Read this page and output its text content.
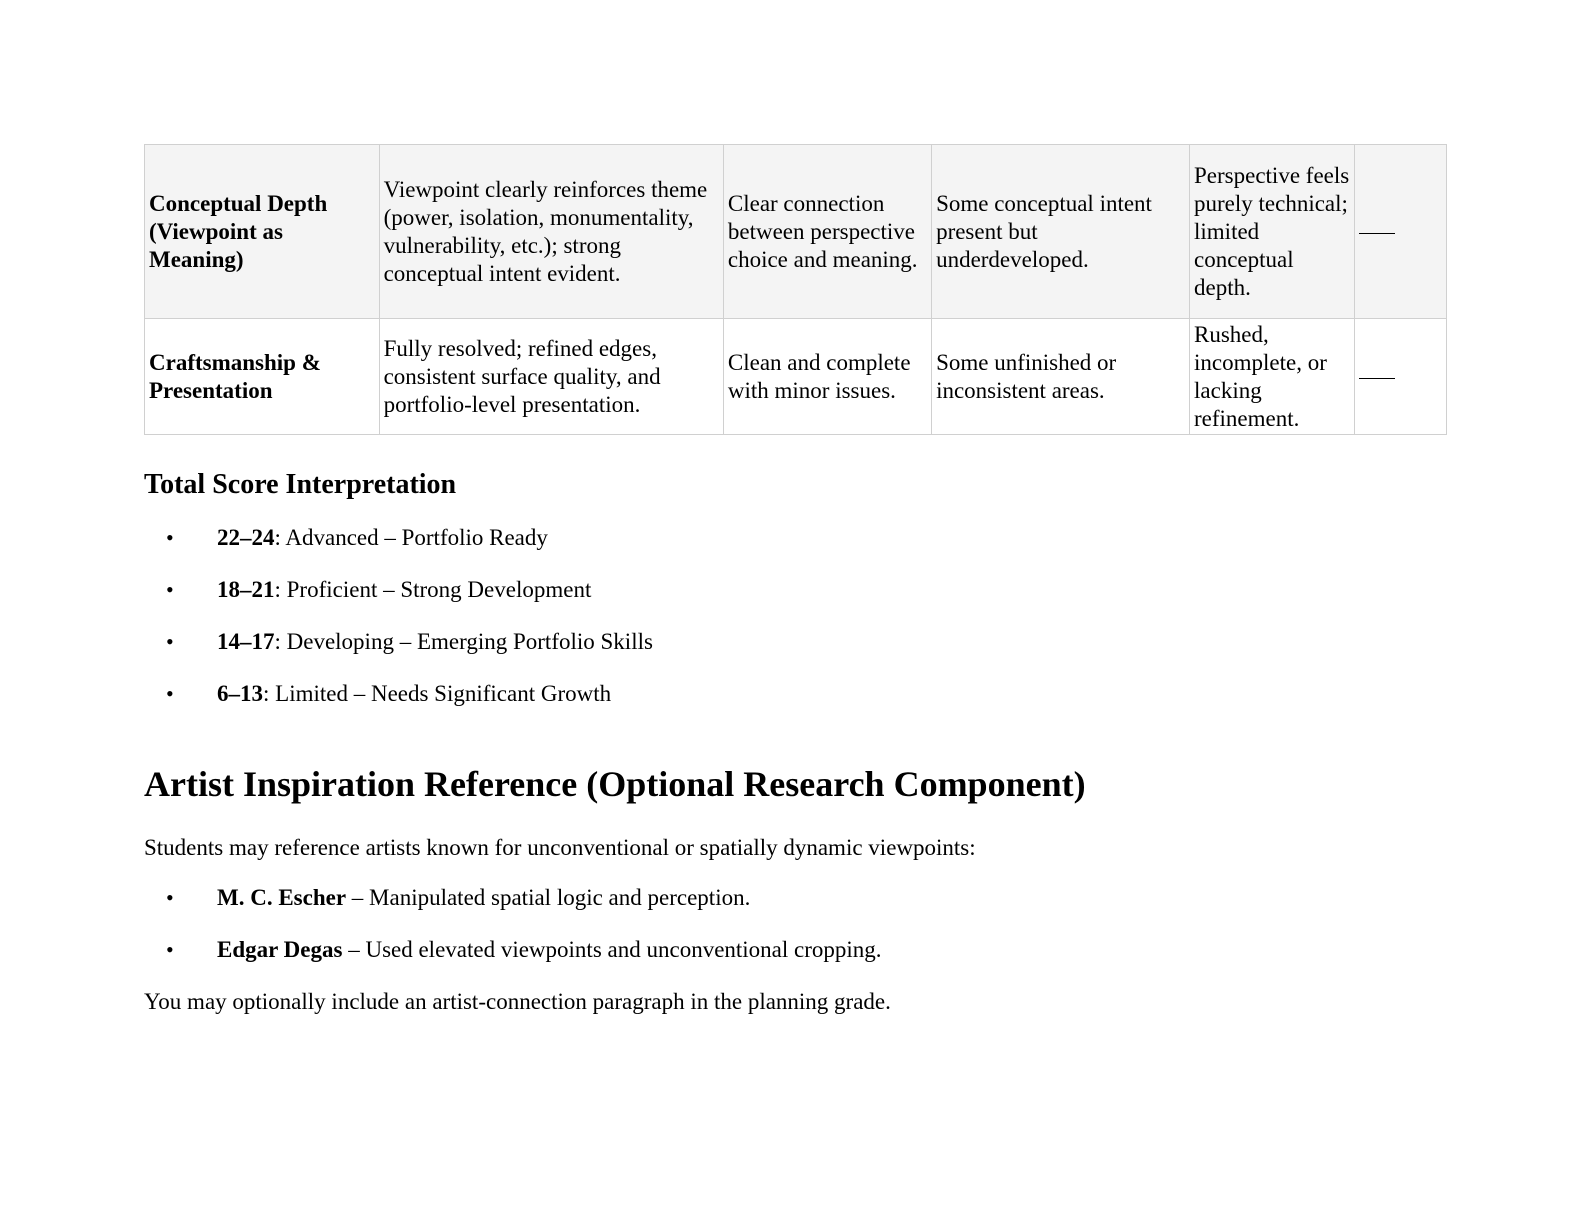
Conceptual Depth (Viewpoint as Meaning)	Viewpoint clearly reinforces theme (power, isolation, monumentality, vulnerability, etc.); strong conceptual intent evident.	Clear connection between perspective choice and meaning.	Some conceptual intent present but underdeveloped.	Perspective feels purely technical; limited conceptual depth.	
Craftsmanship & Presentation	Fully resolved; refined edges, consistent surface quality, and portfolio-level presentation.	Clean and complete with minor issues.	Some unfinished or inconsistent areas.	Rushed, incomplete, or lacking refinement.	
Total Score Interpretation
• 22–24: Advanced – Portfolio Ready
• 18–21: Proficient – Strong Development
• 14–17: Developing – Emerging Portfolio Skills
• 6–13: Limited – Needs Significant Growth
Artist Inspiration Reference (Optional Research Component)

Students may reference artists known for unconventional or spatially dynamic viewpoints:

• M. C. Escher – Manipulated spatial logic and perception.
• Edgar Degas – Used elevated viewpoints and unconventional cropping.

You may optionally include an artist-connection paragraph in the planning grade.
